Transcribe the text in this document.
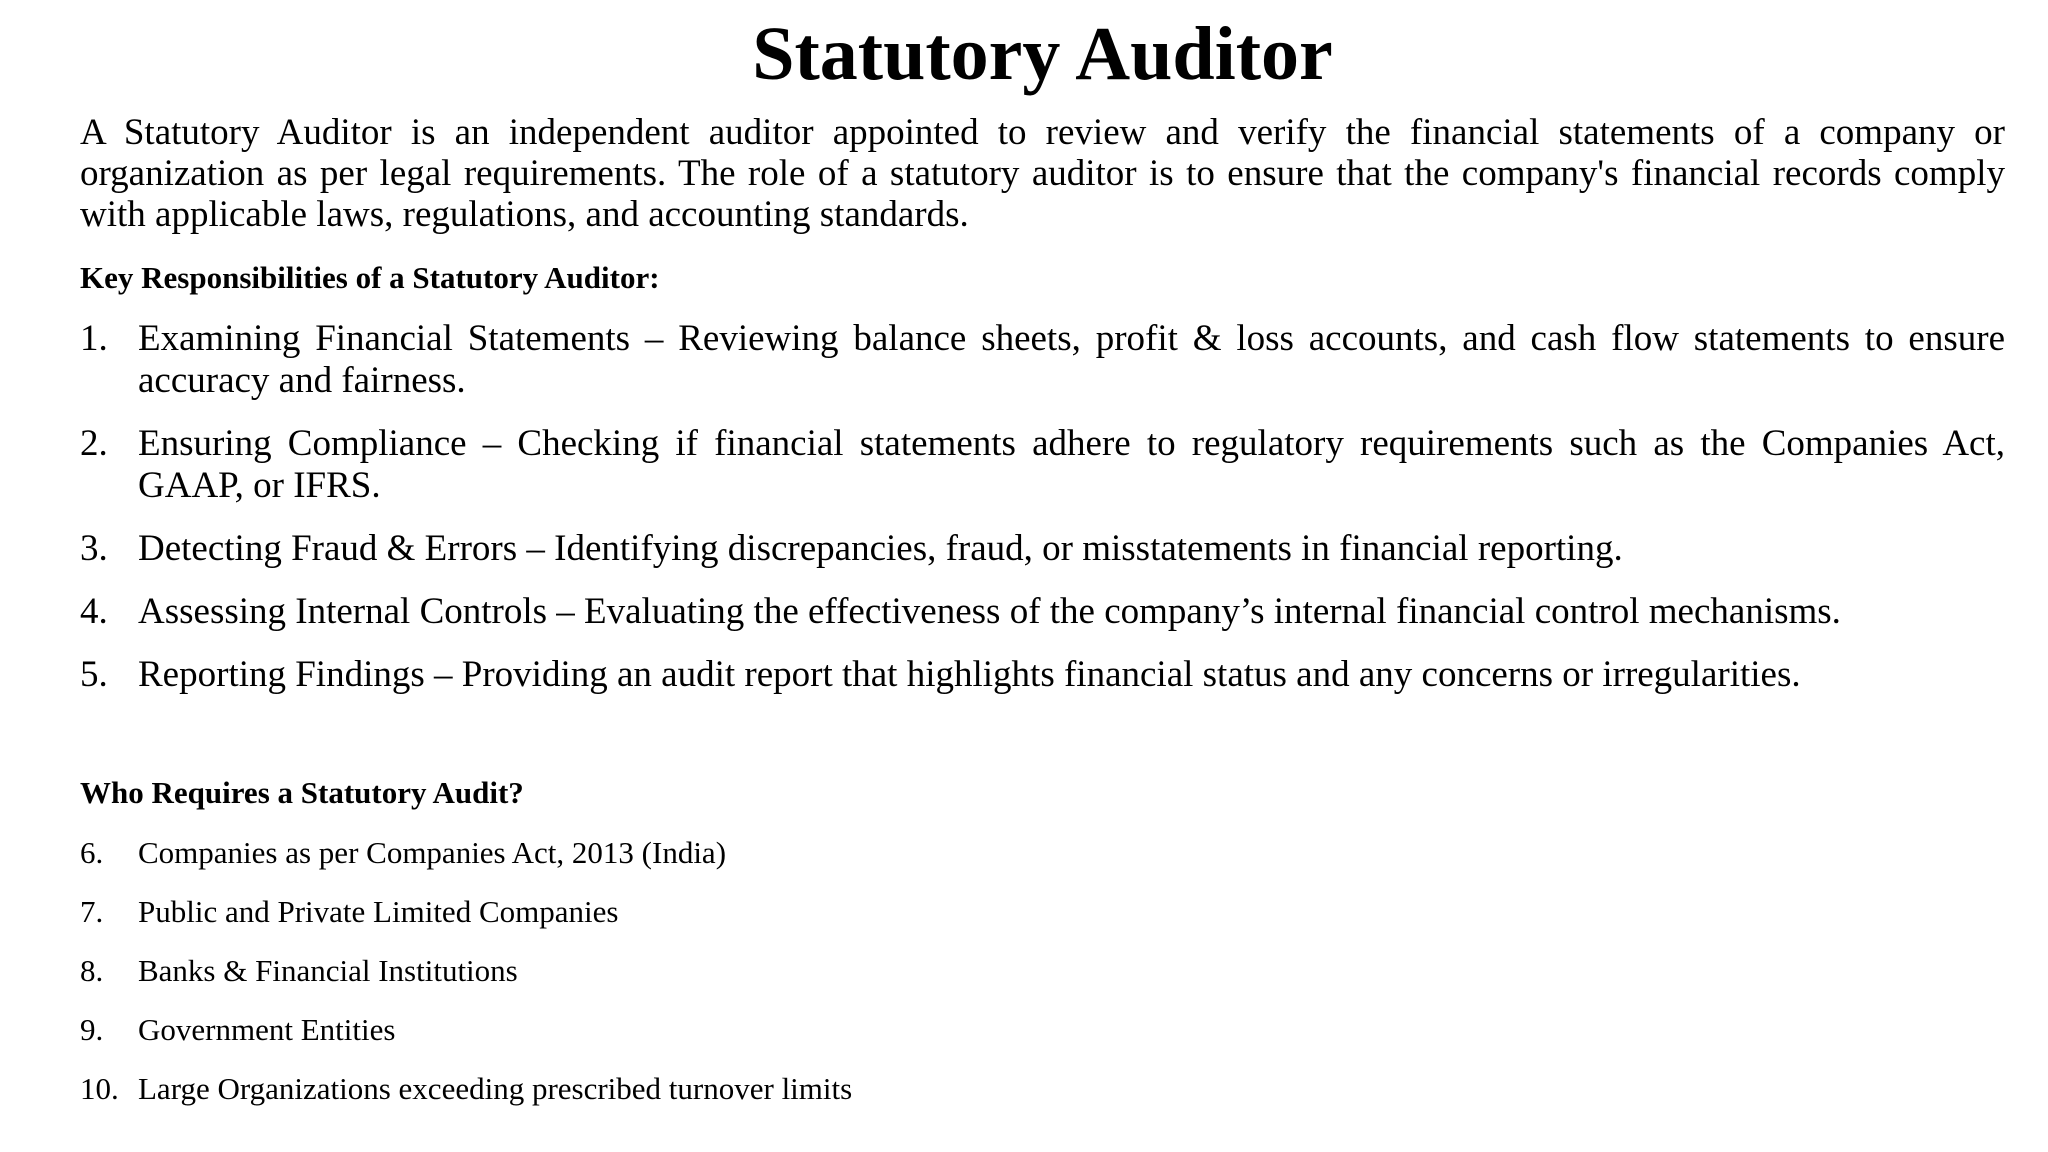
Statutory Auditor

A Statutory Auditor is an independent auditor appointed to review and verify the financial statements of a company or organization as per legal requirements. The role of a statutory auditor is to ensure that the company's financial records comply with applicable laws, regulations, and accounting standards.

Key Responsibilities of a Statutory Auditor:
1. Examining Financial Statements – Reviewing balance sheets, profit & loss accounts, and cash flow statements to ensure accuracy and fairness.
2. Ensuring Compliance – Checking if financial statements adhere to regulatory requirements such as the Companies Act, GAAP, or IFRS.
3. Detecting Fraud & Errors – Identifying discrepancies, fraud, or misstatements in financial reporting.
4. Assessing Internal Controls – Evaluating the effectiveness of the company’s internal financial control mechanisms.
5. Reporting Findings – Providing an audit report that highlights financial status and any concerns or irregularities.
Who Requires a Statutory Audit?
6.	Companies as per Companies Act, 2013 (India)
7.	Public and Private Limited Companies
8.	Banks & Financial Institutions
9.	Government Entities
10. Large Organizations exceeding prescribed turnover limits
